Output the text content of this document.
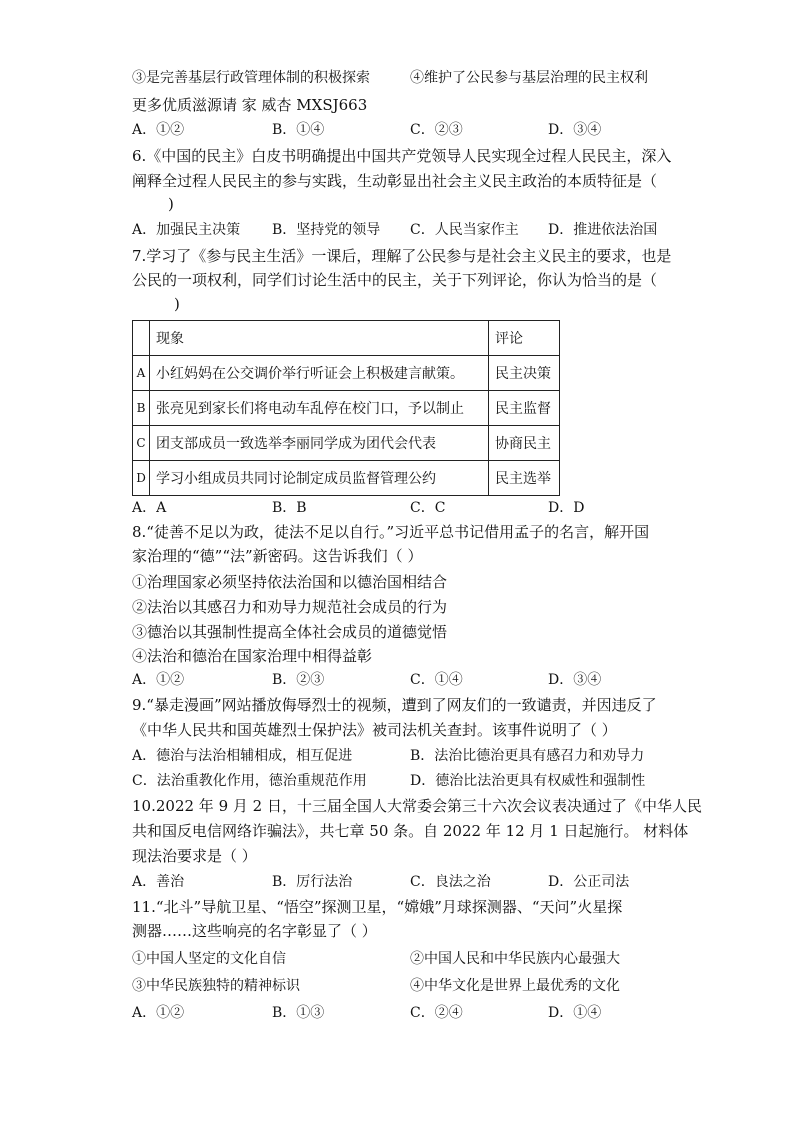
③是完善基层行政管理体制的积极探索	④维护了公民参与基层治理的民主权利
更多优质滋源请 家 威杏 MXSJ663
A．①②	B．①④	C．②③	D．③④
6.《中国的民主》白皮书明确提出中国共产党领导人民实现全过程人民民主，深入
阐释全过程人民民主的参与实践，生动彰显出社会主义民主政治的本质特征是（
)
A．加强民主决策 B．坚持党的领导 C．人民当家作主 D．推进依法治国
7.学习了《参与民主生活》一课后，理解了公民参与是社会主义民主的要求，也是
公民的一项权利，同学们讨论生活中的民主，关于下列评论，你认为恰当的是（
)
	现象	评论
A	小红妈妈在公交调价举行听证会上积极建言献策。	民主决策
B	张亮见到家长们将电动车乱停在校门口，予以制止	民主监督
C	团支部成员一致选举李丽同学成为团代会代表	协商民主
D	学习小组成员共同讨论制定成员监督管理公约	民主选举
A．A	B．B	C．C	D．D
8.“徒善不足以为政，徒法不足以自行。”习近平总书记借用孟子的名言，解开国
家治理的“德”“法”新密码。这告诉我们（ ）
①治理国家必须坚持依法治国和以德治国相结合
②法治以其感召力和劝导力规范社会成员的行为
③德治以其强制性提高全体社会成员的道德觉悟
④法治和德治在国家治理中相得益彰
A．①②	B．②③	C．①④	D．③④
9.“暴走漫画”网站播放侮辱烈士的视频，遭到了网友们的一致谴责，并因违反了
《中华人民共和国英雄烈士保护法》被司法机关查封。该事件说明了（ ）
A．德治与法治相辅相成，相互促进	B．法治比德治更具有感召力和劝导力
C．法治重教化作用，德治重规范作用	D．德治比法治更具有权威性和强制性
10.2022 年 9 月 2 日，十三届全国人大常委会第三十六次会议表决通过了《中华人民
共和国反电信网络诈骗法》，共七章 50 条。自 2022 年 12 月 1 日起施行。 材料体
现法治要求是（ ）
A．善治	B．厉行法治	C．良法之治	D．公正司法
11.“北斗”导航卫星、“悟空”探测卫星，“嫦娥”月球探测器、“天问”火星探
测器……这些响亮的名字彰显了（ ）
①中国人坚定的文化自信	②中国人民和中华民族内心最强大
③中华民族独特的精神标识	④中华文化是世界上最优秀的文化
A．①②	B．①③	C．②④	D．①④
